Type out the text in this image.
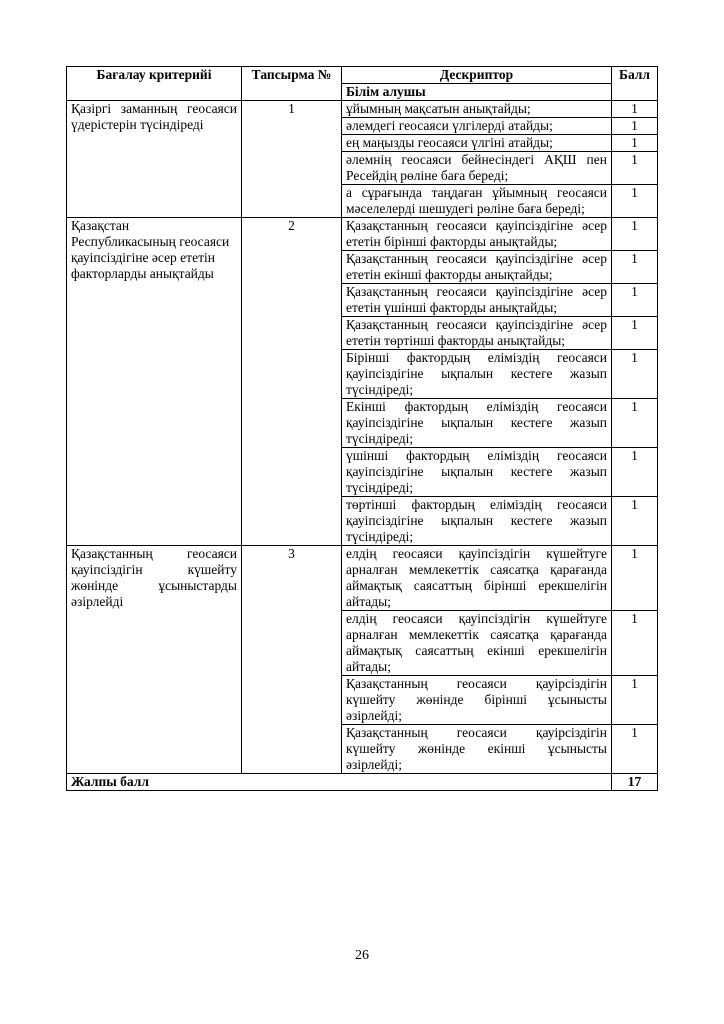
Бағалау критерийі	Тапсырма №	Дескриптор	Балл
		Білім алушы	
Қазіргі заманның геосаяси үдерістерін түсіндіреді	1	ұйымның мақсатын анықтайды;	1
		әлемдегі геосаяси үлгілерді атайды;	1
		ең маңызды геосаяси үлгіні атайды;	1
		әлемнің геосаяси бейнесіндегі АҚШ пен Ресейдің рөліне баға береді;	1
		а сұрағында таңдаған ұйымның геосаяси мәселелерді шешудегі рөліне баға береді;	1
Қазақстан Республикасының геосаяси қауіпсіздігіне әсер ететін факторларды анықтайды	2	Қазақстанның геосаяси қауіпсіздігіне әсер ететін бірінші факторды анықтайды;	1
		Қазақстанның геосаяси қауіпсіздігіне әсер ететін екінші факторды анықтайды;	1
		Қазақстанның геосаяси қауіпсіздігіне әсер ететін үшінші факторды анықтайды;	1
		Қазақстанның геосаяси қауіпсіздігіне әсер ететін төртінші факторды анықтайды;	1
		Бірінші фактордың еліміздің геосаяси қауіпсіздігіне ықпалын кестеге жазып түсіндіреді;	1
		Екінші фактордың еліміздің геосаяси қауіпсіздігіне ықпалын кестеге жазып түсіндіреді;	1
		үшінші фактордың еліміздің геосаяси қауіпсіздігіне ықпалын кестеге жазып түсіндіреді;	1
		төртінші фактордың еліміздің геосаяси қауіпсіздігіне ықпалын кестеге жазып түсіндіреді;	1
Қазақстанның геосаяси қауіпсіздігін күшейту жөнінде ұсыныстарды әзірлейді	3	елдің геосаяси қауіпсіздігін күшейтуге арналған мемлекеттік саясатқа қарағанда аймақтық саясаттың бірінші ерекшелігін айтады;	1
		елдің геосаяси қауіпсіздігін күшейтуге арналған мемлекеттік саясатқа қарағанда аймақтық саясаттың екінші ерекшелігін айтады;	1
		Қазақстанның геосаяси қауірсіздігін күшейту жөнінде бірінші ұсынысты әзірлейді;	1
		Қазақстанның геосаяси қауірсіздігін күшейту жөнінде екінші ұсынысты әзірлейді;	1
Жалпы балл			17
26
